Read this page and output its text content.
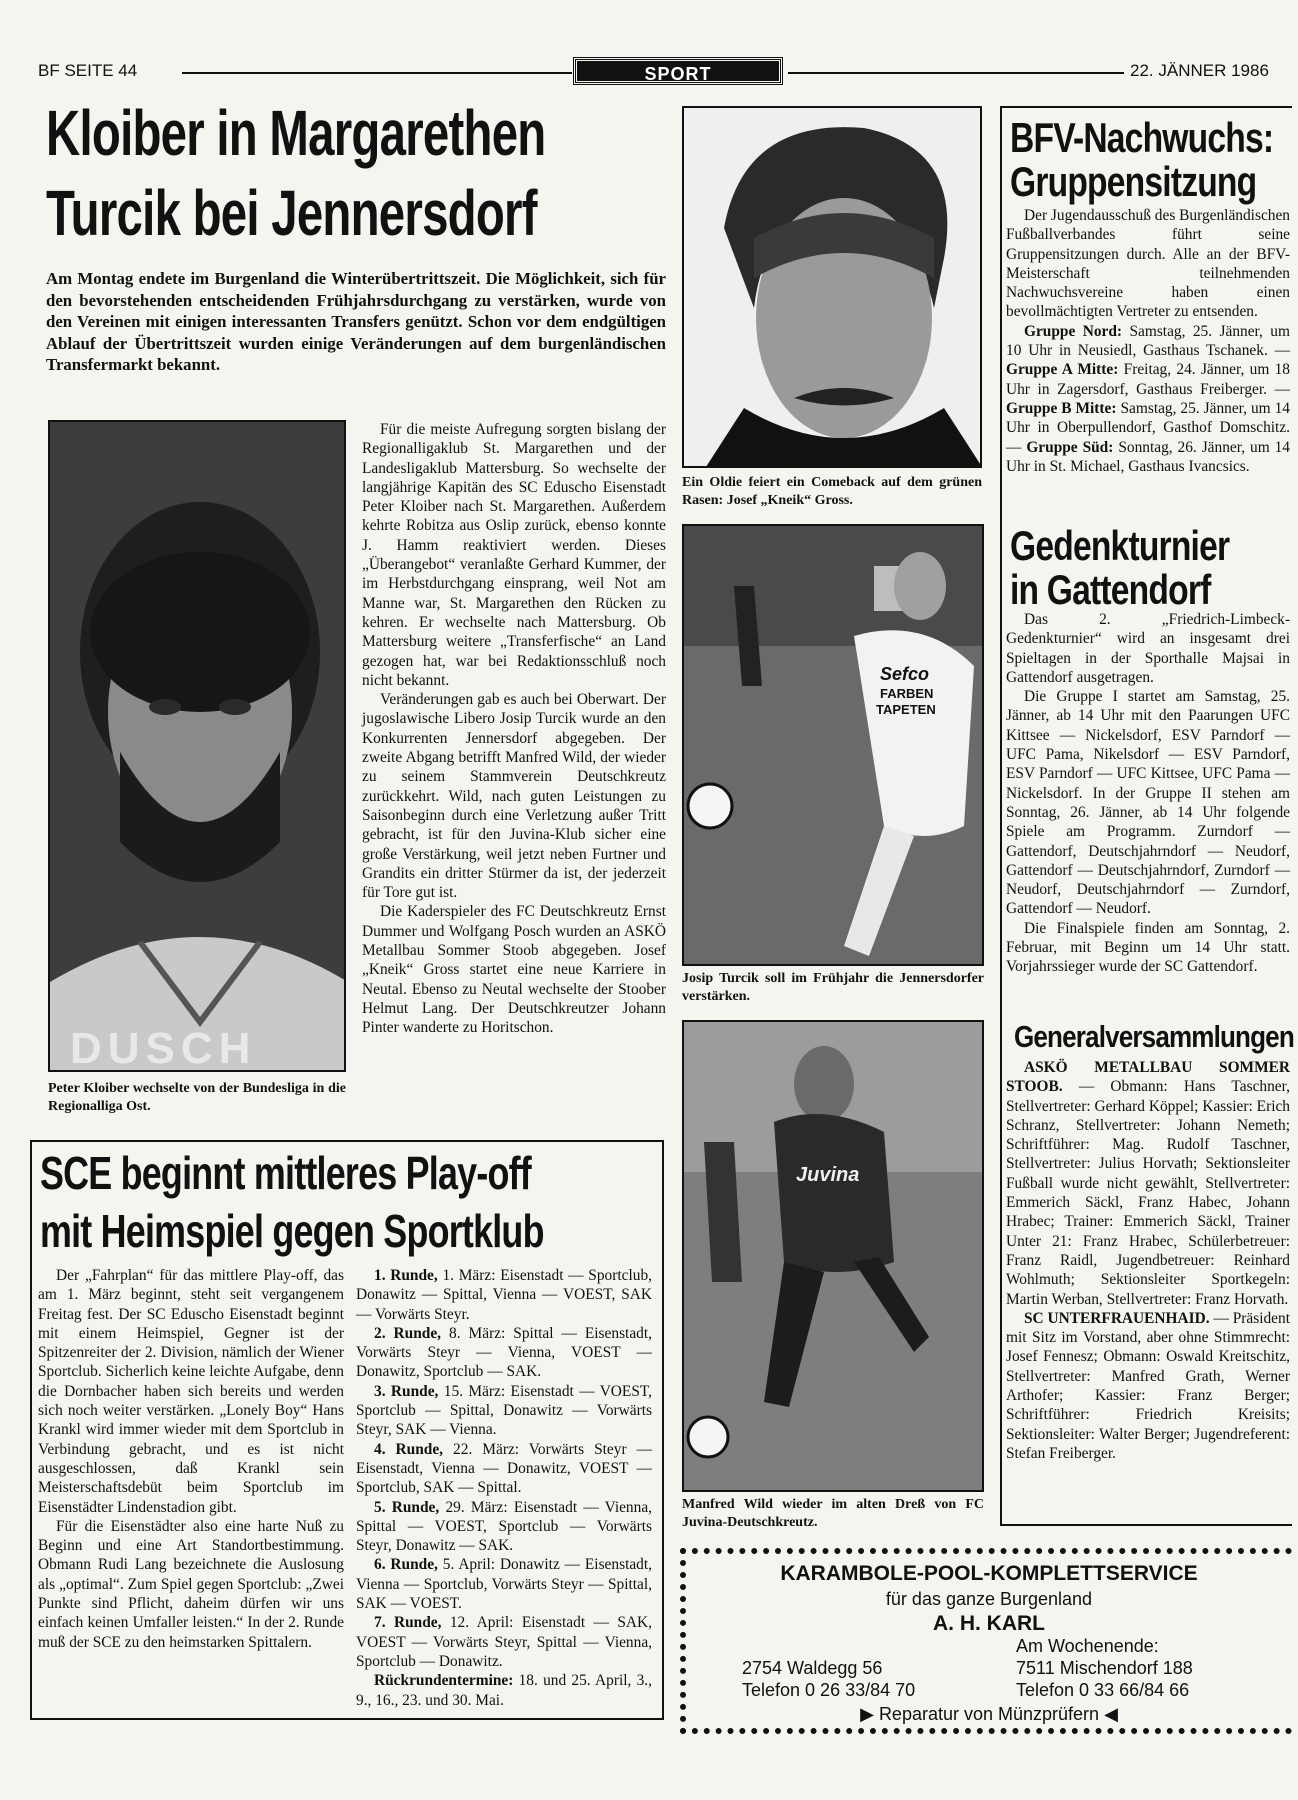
BF SEITE 44	SPORT	22. JÄNNER 1986
Kloiber in Margarethen
Turcik bei Jennersdorf
Am Montag endete im Burgenland die Winterübertrittszeit. Die Möglichkeit, sich für den bevorstehenden entscheidenden Frühjahrsdurchgang zu verstärken, wurde von den Vereinen mit einigen interessanten Transfers genützt. Schon vor dem endgültigen Ablauf der Übertrittszeit wurden einige Veränderungen auf dem burgenländischen Transfermarkt bekannt.
DUSCH
Peter Kloiber wechselte von der Bundesliga in die Regionalliga Ost.

Für die meiste Aufregung sorgten bislang der Regionalligaklub St. Margarethen und der Landesligaklub Mattersburg. So wechselte der langjährige Kapitän des SC Eduscho Eisenstadt Peter Kloiber nach St. Margarethen. Außerdem kehrte Robitza aus Oslip zurück, ebenso konnte J. Hamm reaktiviert werden. Dieses „Überangebot“ veranlaßte Gerhard Kummer, der im Herbstdurchgang einsprang, weil Not am Manne war, St. Margarethen den Rücken zu kehren. Er wechselte nach Mattersburg. Ob Mattersburg weitere „Transferfische“ an Land gezogen hat, war bei Redaktionsschluß noch nicht bekannt.

Veränderungen gab es auch bei Oberwart. Der jugoslawische Libero Josip Turcik wurde an den Konkurrenten Jennersdorf abgegeben. Der zweite Abgang betrifft Manfred Wild, der wieder zu seinem Stammverein Deutschkreutz zurückkehrt. Wild, nach guten Leistungen zu Saisonbeginn durch eine Verletzung außer Tritt gebracht, ist für den Juvina-Klub sicher eine große Verstärkung, weil jetzt neben Furtner und Grandits ein dritter Stürmer da ist, der jederzeit für Tore gut ist.

Die Kaderspieler des FC Deutschkreutz Ernst Dummer und Wolfgang Posch wurden an ASKÖ Metallbau Sommer Stoob abgegeben. Josef „Kneik“ Gross startet eine neue Karriere in Neutal. Ebenso zu Neutal wechselte der Stoober Helmut Lang. Der Deutschkreutzer Johann Pinter wanderte zu Horitschon.

Ein Oldie feiert ein Comeback auf dem grünen Rasen: Josef „Kneik“ Gross.
Sefco
FARBEN
TAPETEN
Josip Turcik soll im Frühjahr die Jennersdorfer verstärken.
Juvina
Manfred Wild wieder im alten Dreß von FC Juvina-Deutschkreutz.
SCE beginnt mittleres Play-off
mit Heimspiel gegen Sportklub

Der „Fahrplan“ für das mittlere Play-off, das am 1. März beginnt, steht seit vergangenem Freitag fest. Der SC Eduscho Eisenstadt beginnt mit einem Heimspiel, Gegner ist der Spitzenreiter der 2. Division, nämlich der Wiener Sportclub. Sicherlich keine leichte Aufgabe, denn die Dornbacher haben sich bereits und werden sich noch weiter verstärken. „Lonely Boy“ Hans Krankl wird immer wieder mit dem Sportclub in Verbindung gebracht, und es ist nicht ausgeschlossen, daß Krankl sein Meisterschaftsdebüt beim Sportclub im Eisenstädter Lindenstadion gibt.

Für die Eisenstädter also eine harte Nuß zu Beginn und eine Art Standortbestimmung. Obmann Rudi Lang bezeichnete die Auslosung als „optimal“. Zum Spiel gegen Sportclub: „Zwei Punkte sind Pflicht, daheim dürfen wir uns einfach keinen Umfaller leisten.“ In der 2. Runde muß der SCE zu den heimstarken Spittalern.

1. Runde, 1. März: Eisenstadt — Sportclub, Donawitz — Spittal, Vienna — VOEST, SAK — Vorwärts Steyr.

2. Runde, 8. März: Spittal — Eisenstadt, Vorwärts Steyr — Vienna, VOEST — Donawitz, Sportclub — SAK.

3. Runde, 15. März: Eisenstadt — VOEST, Sportclub — Spittal, Donawitz — Vorwärts Steyr, SAK — Vienna.

4. Runde, 22. März: Vorwärts Steyr — Eisenstadt, Vienna — Donawitz, VOEST — Sportclub, SAK — Spittal.

5. Runde, 29. März: Eisenstadt — Vienna, Spittal — VOEST, Sportclub — Vorwärts Steyr, Donawitz — SAK.

6. Runde, 5. April: Donawitz — Eisenstadt, Vienna — Sportclub, Vorwärts Steyr — Spittal, SAK — VOEST.

7. Runde, 12. April: Eisenstadt — SAK, VOEST — Vorwärts Steyr, Spittal — Vienna, Sportclub — Donawitz.

Rückrundentermine: 18. und 25. April, 3., 9., 16., 23. und 30. Mai.

BFV-Nachwuchs:
Gruppensitzung

Der Jugendausschuß des Burgenländischen Fußballverbandes führt seine Gruppensitzungen durch. Alle an der BFV-Meisterschaft teilnehmenden Nachwuchsvereine haben einen bevollmächtigten Vertreter zu entsenden.

Gruppe Nord: Samstag, 25. Jänner, um 10 Uhr in Neusiedl, Gasthaus Tschanek. — Gruppe A Mitte: Freitag, 24. Jänner, um 18 Uhr in Zagersdorf, Gasthaus Freiberger. — Gruppe B Mitte: Samstag, 25. Jänner, um 14 Uhr in Oberpullendorf, Gasthof Domschitz. — Gruppe Süd: Sonntag, 26. Jänner, um 14 Uhr in St. Michael, Gasthaus Ivancsics.

Gedenkturnier
in Gattendorf

Das 2. „Friedrich-Limbeck-Gedenkturnier“ wird an insgesamt drei Spieltagen in der Sporthalle Majsai in Gattendorf ausgetragen.

Die Gruppe I startet am Samstag, 25. Jänner, ab 14 Uhr mit den Paarungen UFC Kittsee — Nickelsdorf, ESV Parndorf — UFC Pama, Nikelsdorf — ESV Parndorf, ESV Parndorf — UFC Kittsee, UFC Pama — Nickelsdorf. In der Gruppe II stehen am Sonntag, 26. Jänner, ab 14 Uhr folgende Spiele am Programm. Zurndorf — Gattendorf, Deutschjahrndorf — Neudorf, Gattendorf — Deutschjahrndorf, Zurndorf — Neudorf, Deutschjahrndorf — Zurndorf, Gattendorf — Neudorf.

Die Finalspiele finden am Sonntag, 2. Februar, mit Beginn um 14 Uhr statt. Vorjahrssieger wurde der SC Gattendorf.

Generalversammlungen

ASKÖ METALLBAU SOMMER STOOB. — Obmann: Hans Taschner, Stellvertreter: Gerhard Köppel; Kassier: Erich Schranz, Stellvertreter: Johann Nemeth; Schriftführer: Mag. Rudolf Taschner, Stellvertreter: Julius Horvath; Sektionsleiter Fußball wurde nicht gewählt, Stellvertreter: Emmerich Säckl, Franz Habec, Johann Hrabec; Trainer: Emmerich Säckl, Trainer Unter 21: Franz Hrabec, Schülerbetreuer: Franz Raidl, Jugendbetreuer: Reinhard Wohlmuth; Sektionsleiter Sportkegeln: Martin Werban, Stellvertreter: Franz Horvath.

SC UNTERFRAUENHAID. — Präsident mit Sitz im Vorstand, aber ohne Stimmrecht: Josef Fennesz; Obmann: Oswald Kreitschitz, Stellvertreter: Manfred Grath, Werner Arthofer; Kassier: Franz Berger; Schriftführer: Friedrich Kreisits; Sektionsleiter: Walter Berger; Jugendreferent: Stefan Freiberger.

KARAMBOLE-POOL-KOMPLETTSERVICE
für das ganze Burgenland
A. H. KARL
Am Wochenende:
2754 Waldegg 56
Telefon 0 26 33/84 70
7511 Mischendorf 188
Telefon 0 33 66/84 66
▶ Reparatur von Münzprüfern ◀
